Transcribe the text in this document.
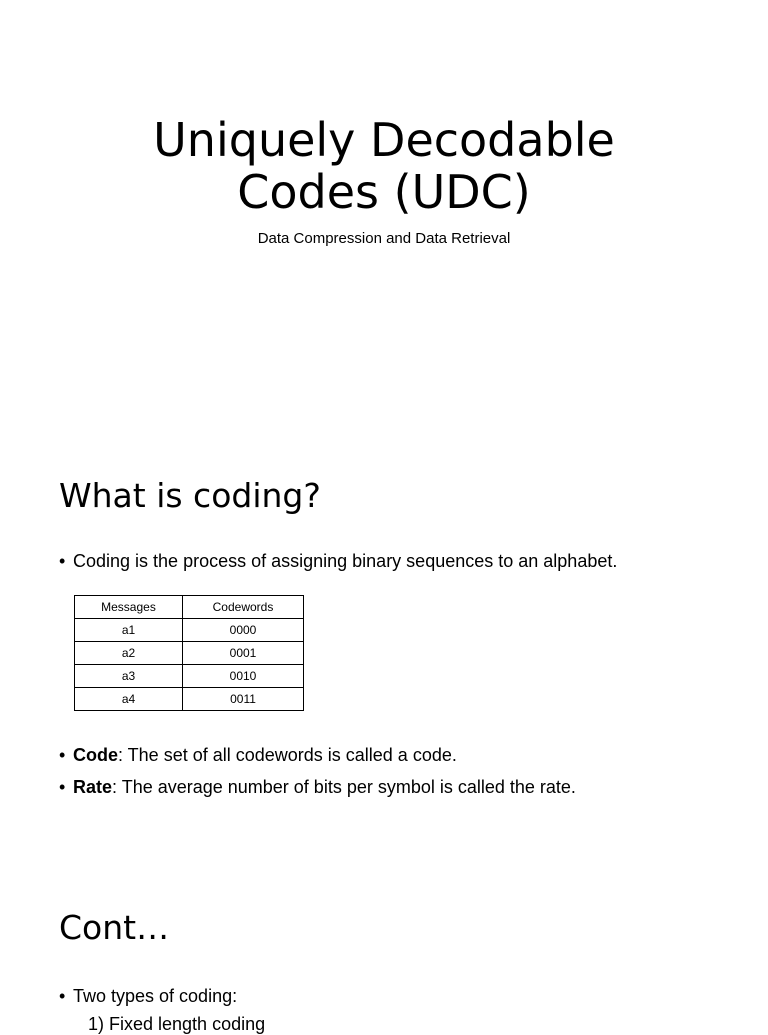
Uniquely Decodable
Codes (UDC)
Data Compression and Data Retrieval
What is coding?
• Coding is the process of assigning binary sequences to an alphabet.
Messages	Codewords
a1	0000
a2	0001
a3	0010
a4	0011
• Code: The set of all codewords is called a code.
• Rate: The average number of bits per symbol is called the rate.
Cont…
• Two types of coding:
1) Fixed length coding
